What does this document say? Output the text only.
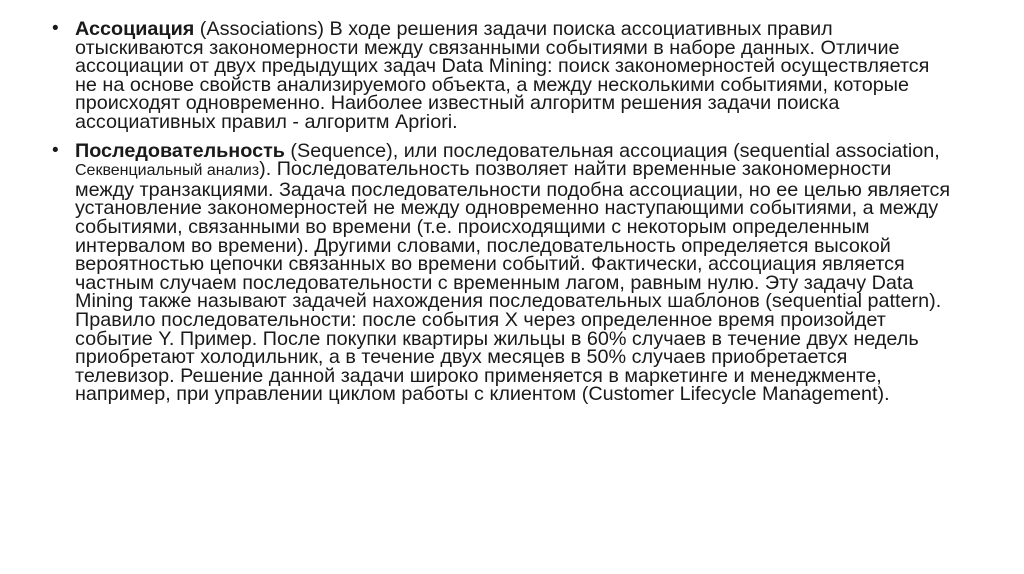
• Ассоциация (Associations) В ходе решения задачи поиска ассоциативных правил отыскиваются закономерности между связанными событиями в наборе данных. Отличие ассоциации от двух предыдущих задач Data Mining: поиск закономерностей осуществляется не на основе свойств анализируемого объекта, а между несколькими событиями, которые происходят одновременно. Наиболее известный алгоритм решения задачи поиска ассоциативных правил - алгоритм Apriori.
• Последовательность (Sequence), или последовательная ассоциация (sequential association, Секвенциальный анализ). Последовательность позволяет найти временные закономерности между транзакциями. Задача последовательности подобна ассоциации, но ее целью является установление закономерностей не между одновременно наступающими событиями, а между событиями, связанными во времени (т.е. происходящими с некоторым определенным интервалом во времени). Другими словами, последовательность определяется высокой вероятностью цепочки связанных во времени событий. Фактически, ассоциация является частным случаем последовательности с временным лагом, равным нулю. Эту задачу Data Mining также называют задачей нахождения последовательных шаблонов (sequential pattern). Правило последовательности: после события X через определенное время произойдет событие Y. Пример. После покупки квартиры жильцы в 60% случаев в течение двух недель приобретают холодильник, а в течение двух месяцев в 50% случаев приобретается телевизор. Решение данной задачи широко применяется в маркетинге и менеджменте, например, при управлении циклом работы с клиентом (Customer Lifecycle Management).
